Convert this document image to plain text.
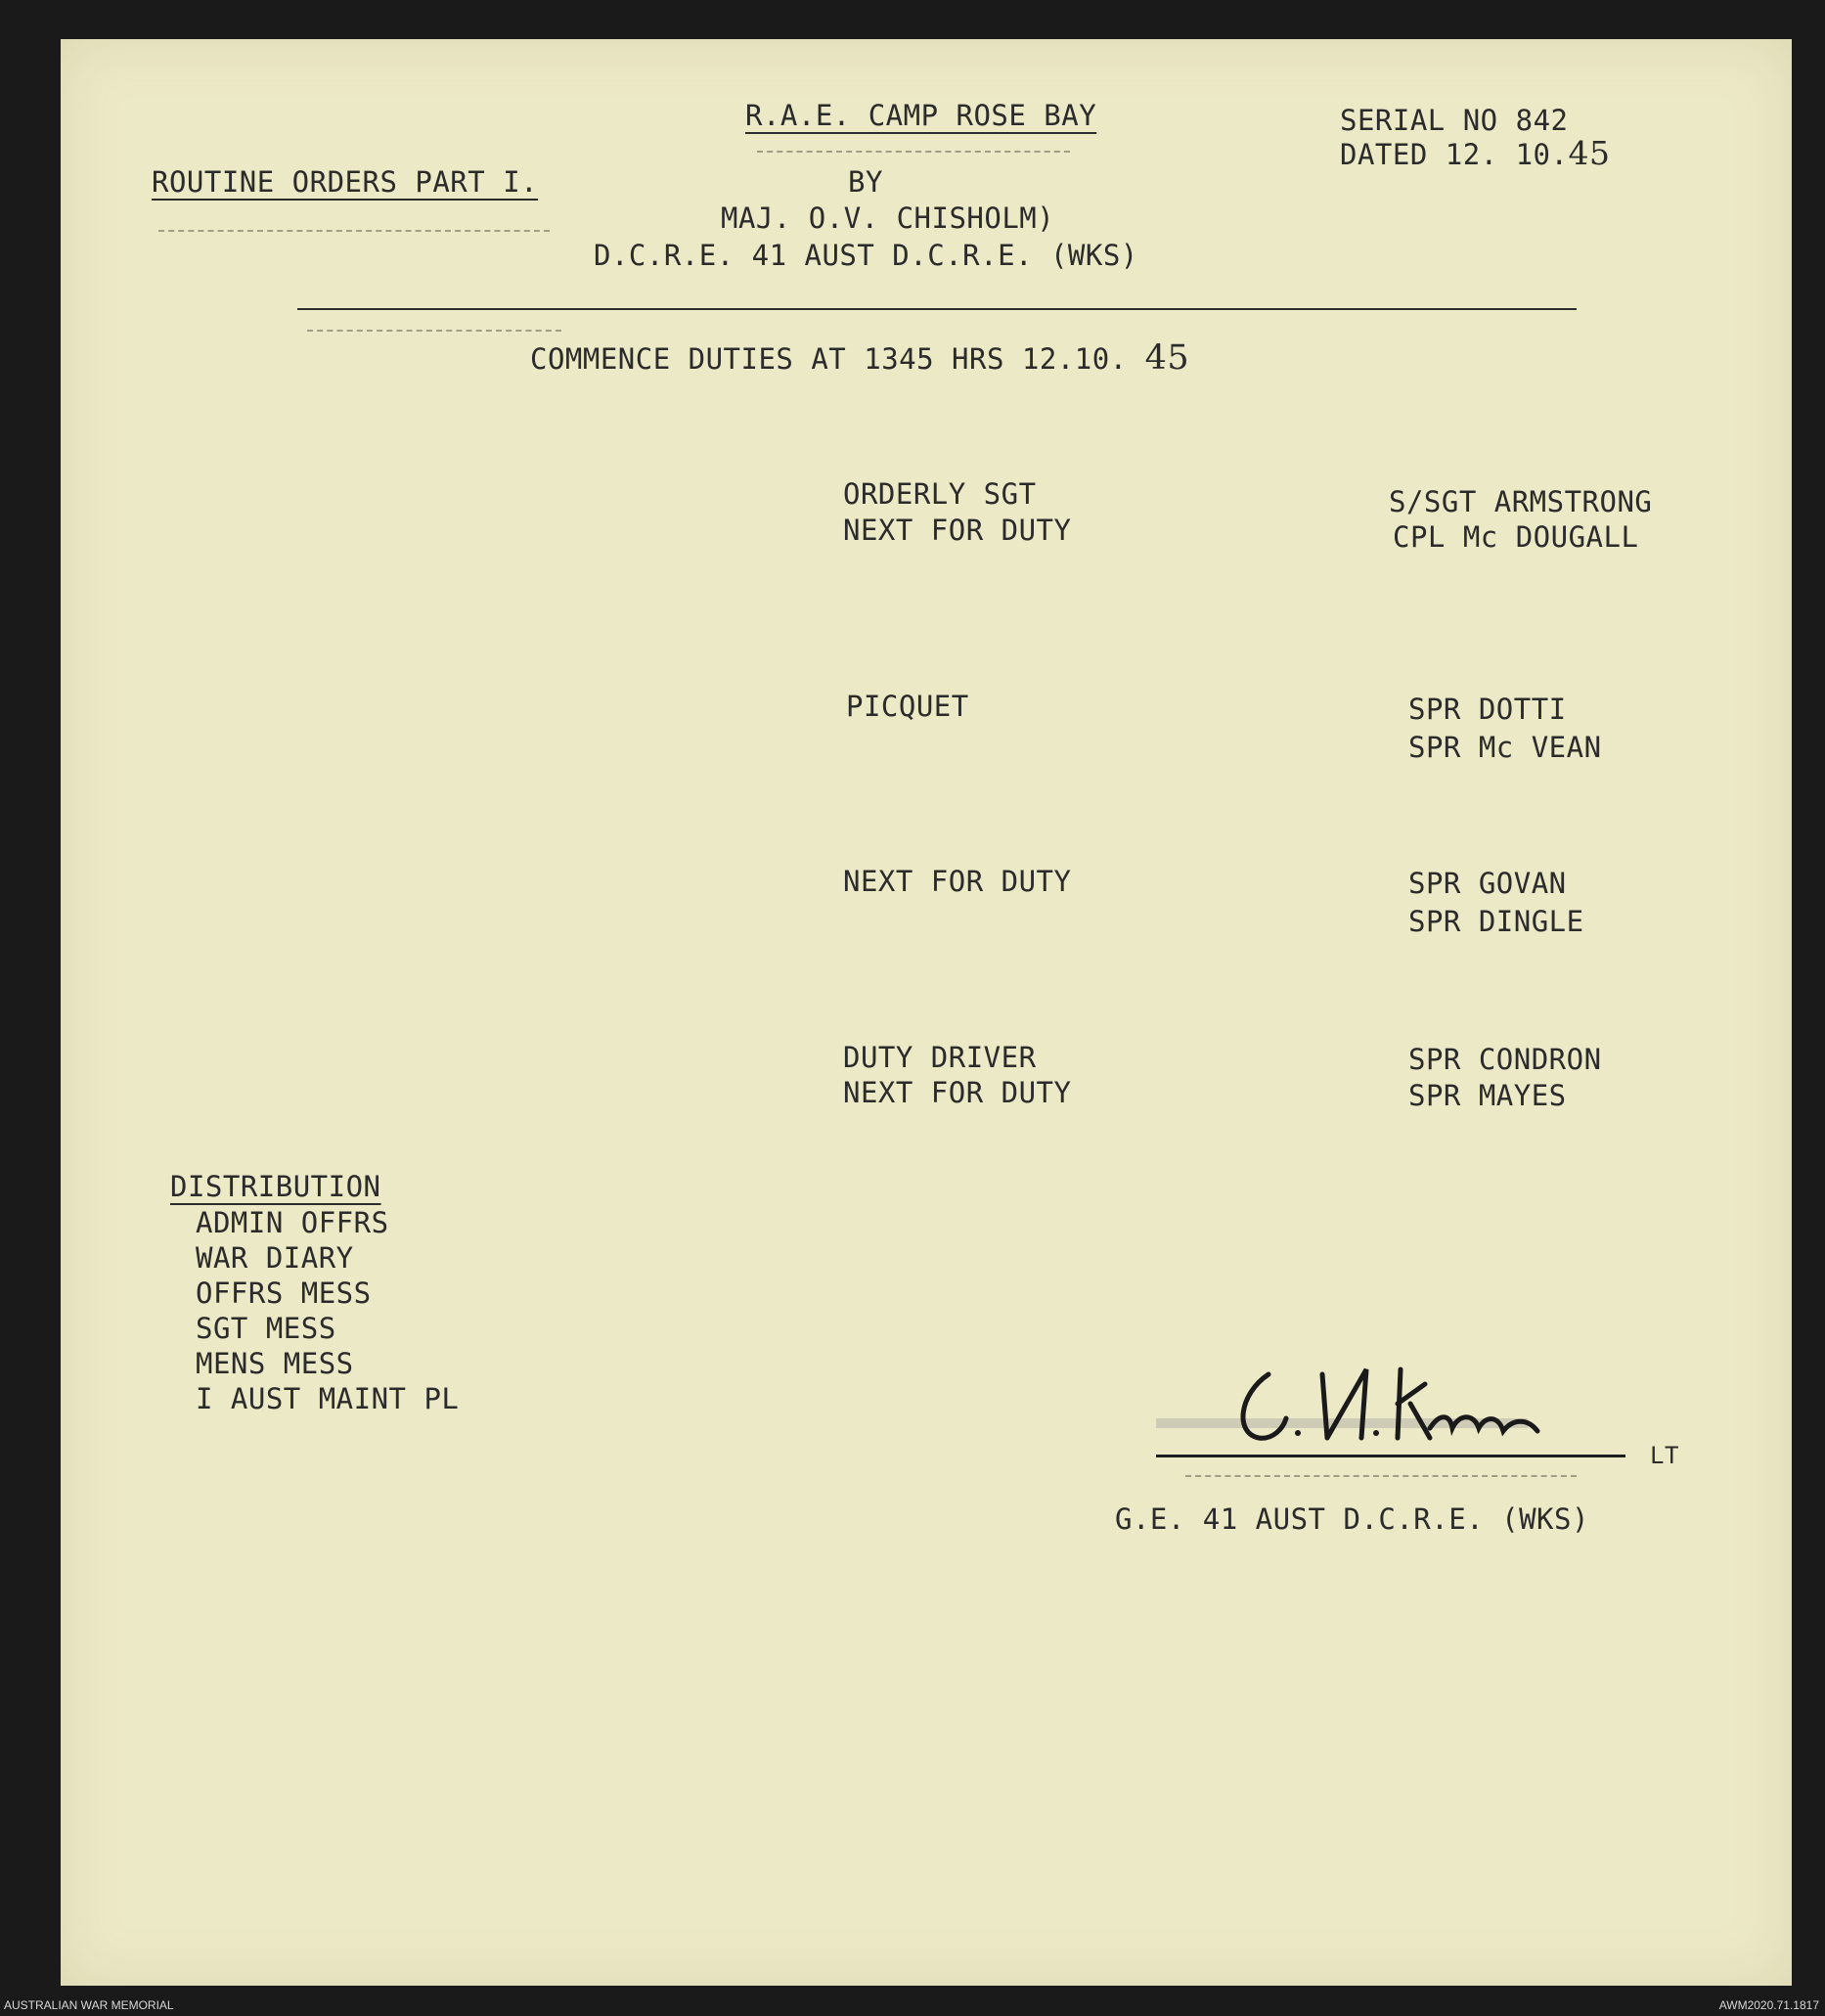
R.A.E. CAMP ROSE BAY	SERIAL NO 842
DATED 12. 10.45
ROUTINE ORDERS PART I.	BY
MAJ. O.V. CHISHOLM)
D.C.R.E. 41 AUST D.C.R.E. (WKS)
COMMENCE DUTIES AT 1345 HRS 12.10. 45
ORDERLY SGT	S/SGT ARMSTRONG
NEXT FOR DUTY	CPL Mc DOUGALL
PICQUET	SPR DOTTI
SPR Mc VEAN
NEXT FOR DUTY	SPR GOVAN
SPR DINGLE
DUTY DRIVER	SPR CONDRON
NEXT FOR DUTY	SPR MAYES
DISTRIBUTION
ADMIN OFFRS
WAR DIARY
OFFRS MESS
SGT MESS
MENS MESS
I AUST MAINT PL
LT
G.E. 41 AUST D.C.R.E. (WKS)
AUSTRALIAN WAR MEMORIAL	AWM2020.71.1817
